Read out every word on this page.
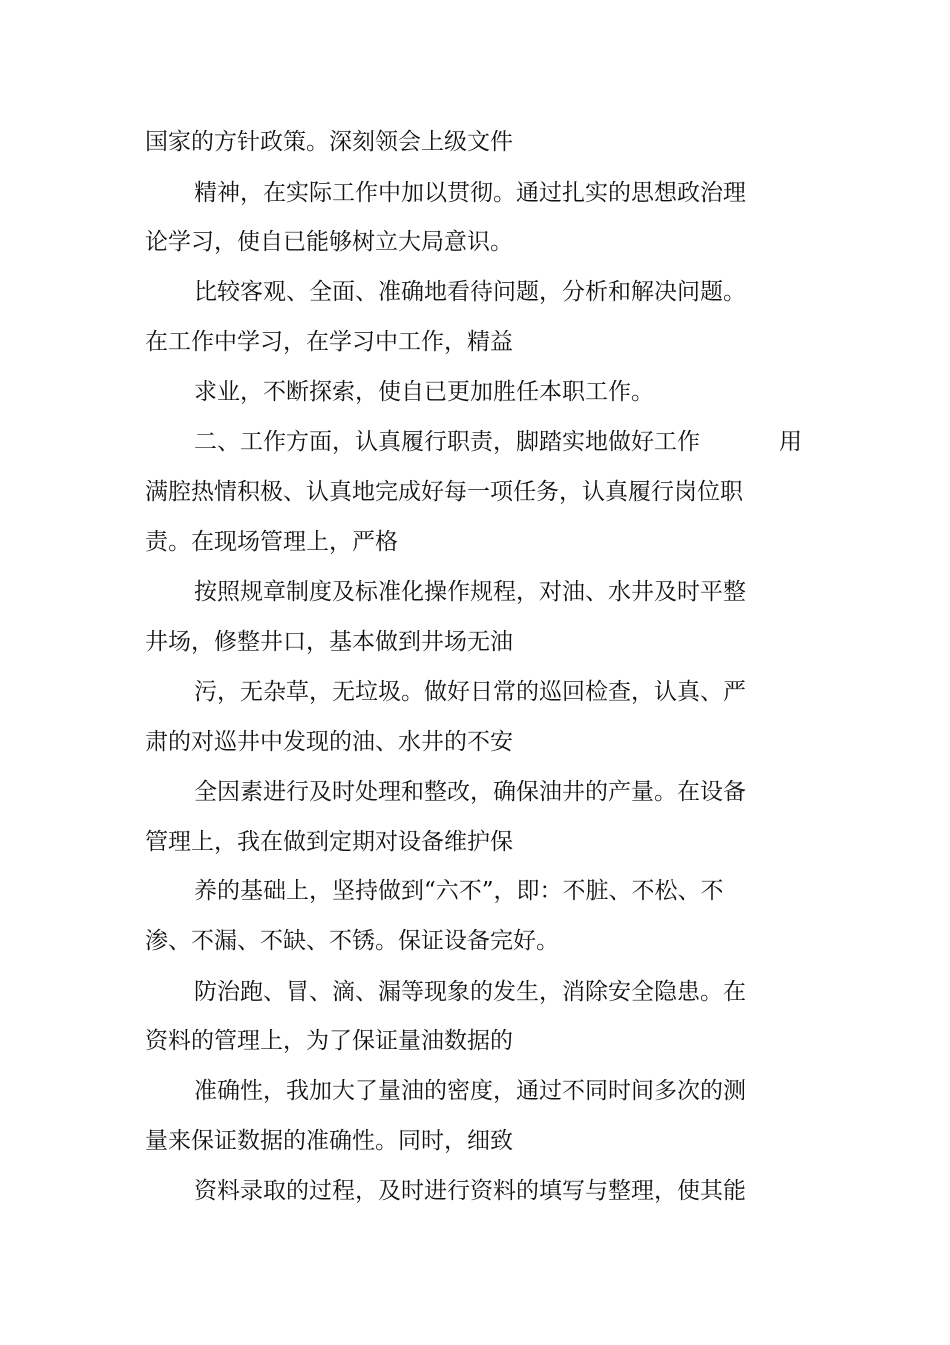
国家的方针政策。深刻领会上级文件

精神，在实际工作中加以贯彻。通过扎实的思想政治理

论学习，使自已能够树立大局意识。

比较客观、全面、准确地看待问题，分析和解决问题。

在工作中学习，在学习中工作，精益

求业，不断探索，使自已更加胜任本职工作。

二、工作方面，认真履行职责，脚踏实地做好工作	用

满腔热情积极、认真地完成好每一项任务，认真履行岗位职

责。在现场管理上，严格

按照规章制度及标准化操作规程，对油、水井及时平整

井场，修整井口，基本做到井场无油

污，无杂草，无垃圾。做好日常的巡回检查，认真、严

肃的对巡井中发现的油、水井的不安

全因素进行及时处理和整改，确保油井的产量。在设备

管理上，我在做到定期对设备维护保

养的基础上，坚持做到“六不”，即：不脏、不松、不

渗、不漏、不缺、不锈。保证设备完好。

防治跑、冒、滴、漏等现象的发生，消除安全隐患。在

资料的管理上，为了保证量油数据的

准确性，我加大了量油的密度，通过不同时间多次的测

量来保证数据的准确性。同时，细致

资料录取的过程，及时进行资料的填写与整理，使其能
